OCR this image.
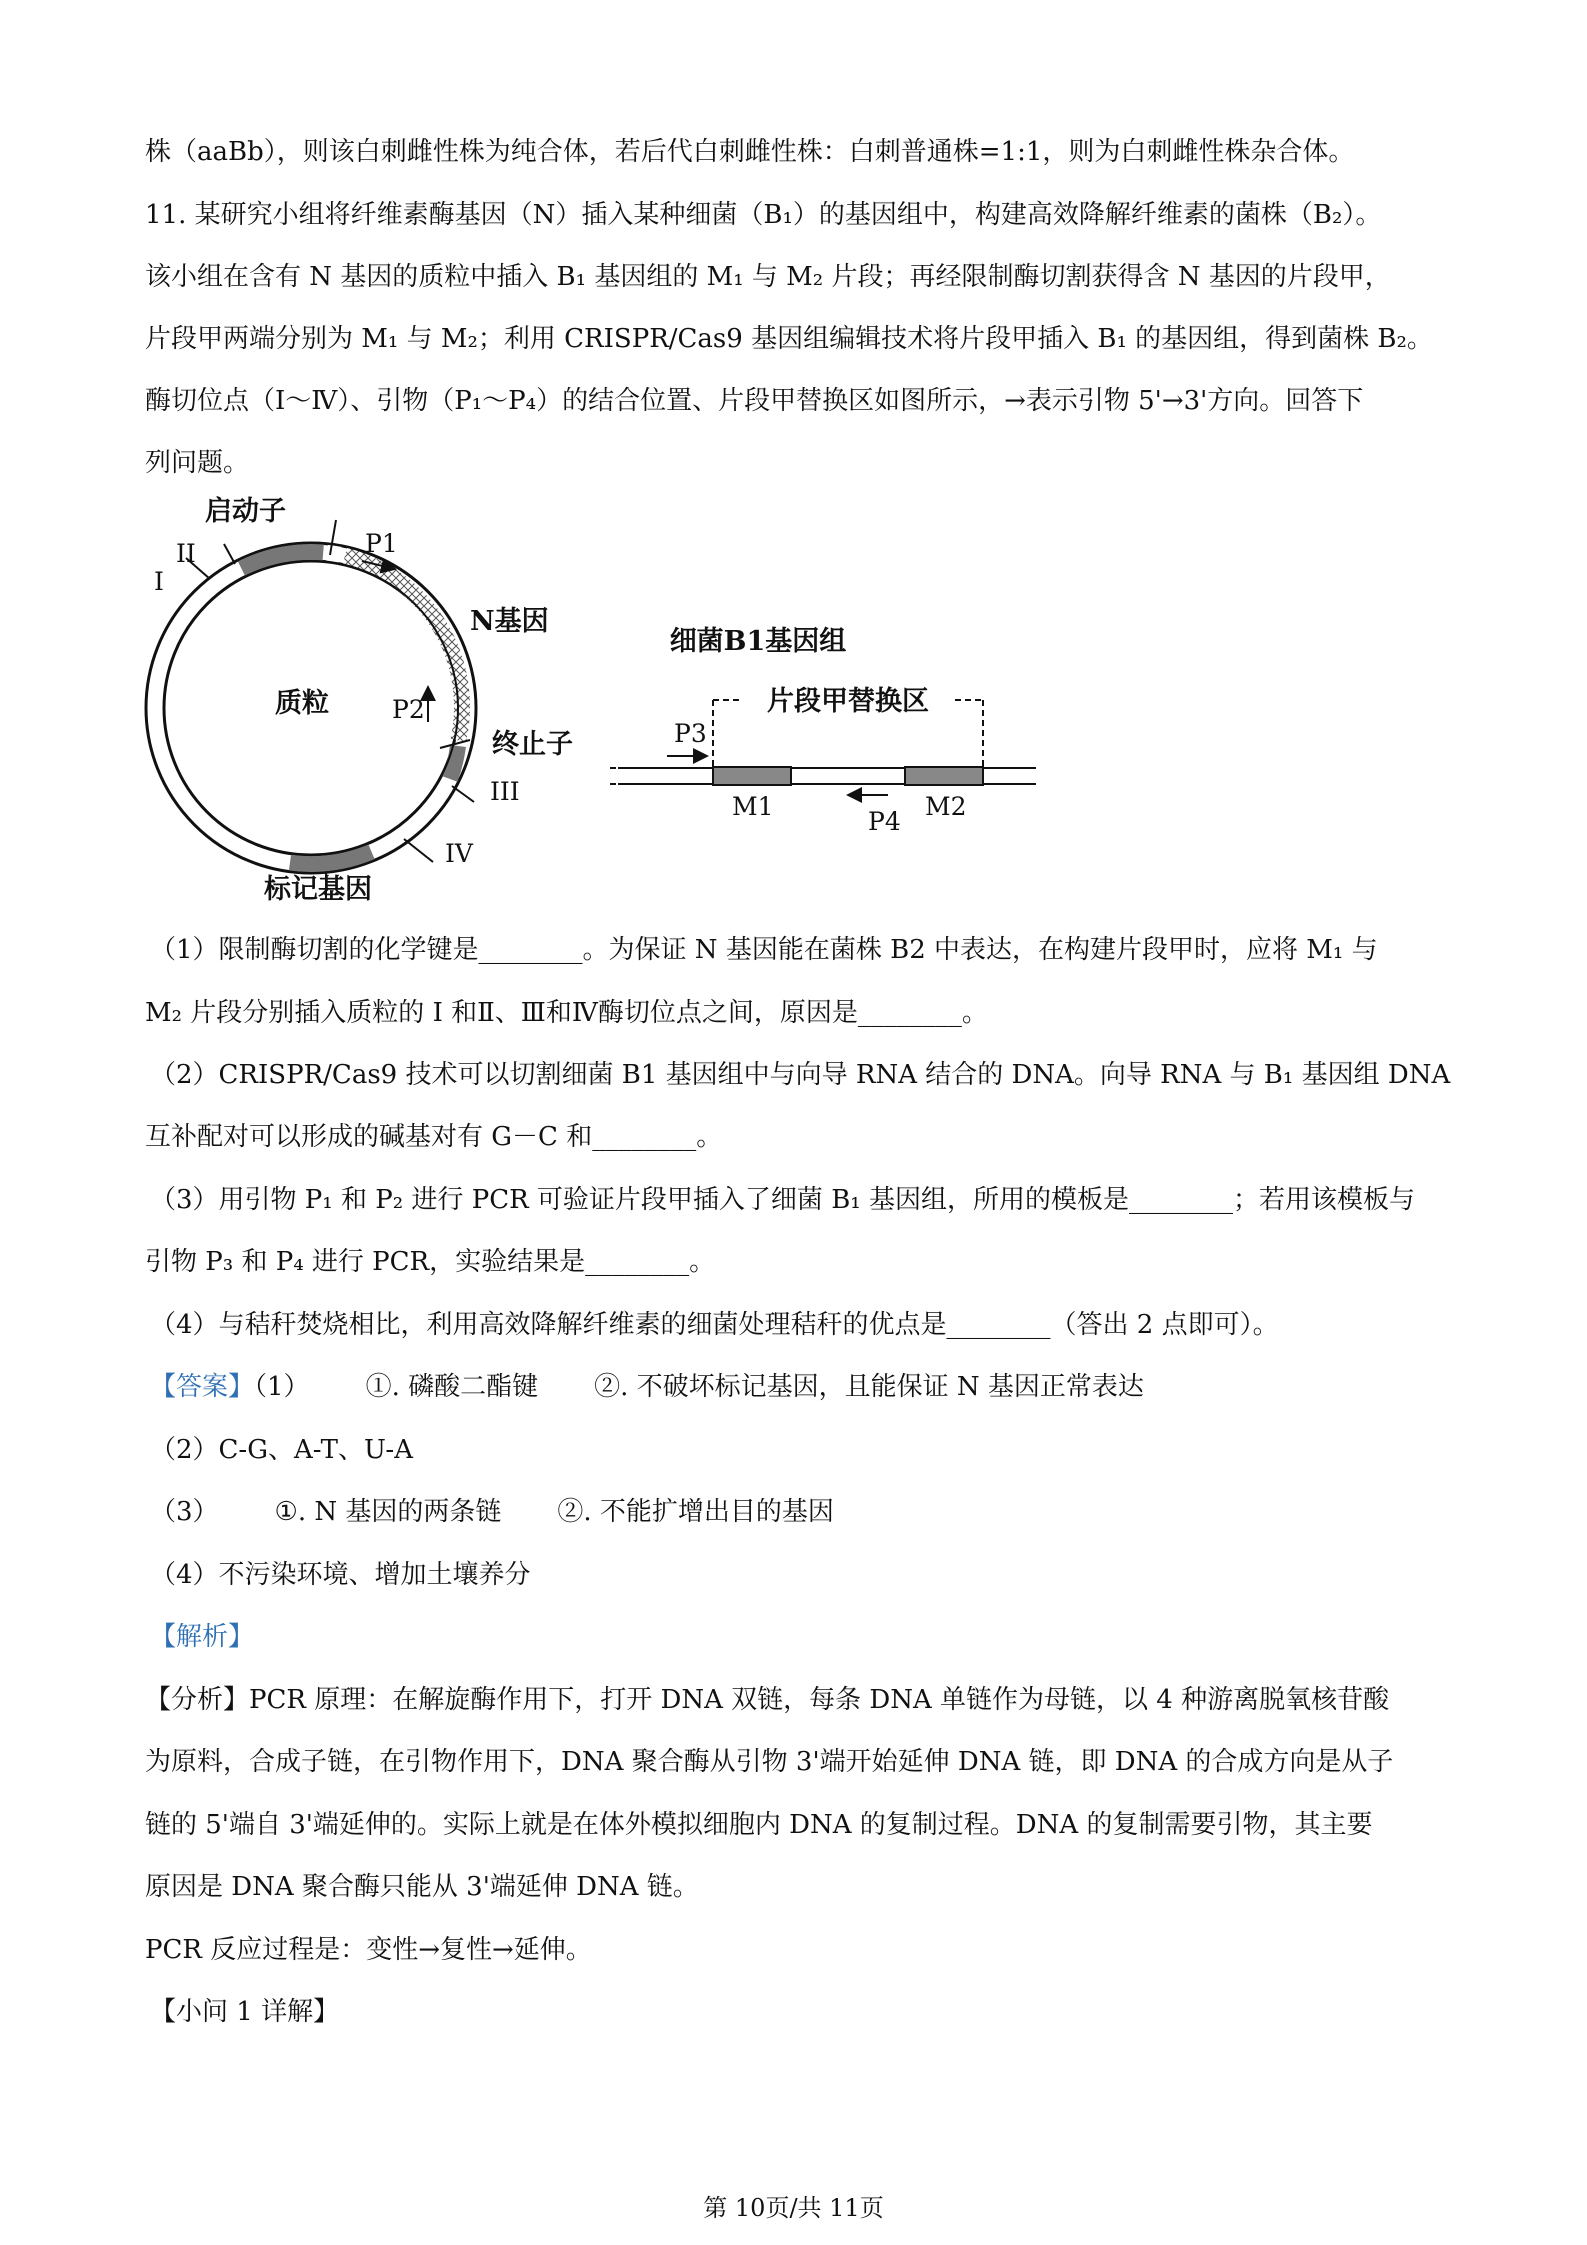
株（aaBb），则该白刺雌性株为纯合体，若后代白刺雌性株：白刺普通株=1:1，则为白刺雌性株杂合体。
11. 某研究小组将纤维素酶基因（N）插入某种细菌（B₁）的基因组中，构建高效降解纤维素的菌株（B₂）。
该小组在含有 N 基因的质粒中插入 B₁ 基因组的 M₁ 与 M₂ 片段；再经限制酶切割获得含 N 基因的片段甲，
片段甲两端分别为 M₁ 与 M₂；利用 CRISPR/Cas9 基因组编辑技术将片段甲插入 B₁ 的基因组，得到菌株 B₂。
酶切位点（Ⅰ～Ⅳ）、引物（P₁～P₄）的结合位置、片段甲替换区如图所示，→表示引物 5'→3'方向。回答下
列问题。
启动子
P1
N基因
I
II
III
IV
质粒	P2
终止子
标记基因
细菌B1基因组
片段甲替换区
P3
M1
P4
M2
（1）限制酶切割的化学键是________。为保证 N 基因能在菌株 B2 中表达，在构建片段甲时，应将 M₁ 与
M₂ 片段分别插入质粒的 I 和Ⅱ、Ⅲ和Ⅳ酶切位点之间，原因是________。
（2）CRISPR/Cas9 技术可以切割细菌 B1 基因组中与向导 RNA 结合的 DNA。向导 RNA 与 B₁ 基因组 DNA
互补配对可以形成的碱基对有 G－C 和________。
（3）用引物 P₁ 和 P₂ 进行 PCR 可验证片段甲插入了细菌 B₁ 基因组，所用的模板是________；若用该模板与
引物 P₃ 和 P₄ 进行 PCR，实验结果是________。
（4）与秸秆焚烧相比，利用高效降解纤维素的细菌处理秸秆的优点是________（答出 2 点即可）。
【答案】（1） ①. 磷酸二酯键 ②. 不破坏标记基因，且能保证 N 基因正常表达
（2）C-G、A-T、U-A
（3） ①. N 基因的两条链 ②. 不能扩增出目的基因
（4）不污染环境、增加土壤养分
【解析】
【分析】PCR 原理：在解旋酶作用下，打开 DNA 双链，每条 DNA 单链作为母链，以 4 种游离脱氧核苷酸
为原料，合成子链，在引物作用下，DNA 聚合酶从引物 3'端开始延伸 DNA 链，即 DNA 的合成方向是从子
链的 5'端自 3'端延伸的。实际上就是在体外模拟细胞内 DNA 的复制过程。DNA 的复制需要引物，其主要
原因是 DNA 聚合酶只能从 3'端延伸 DNA 链。
PCR 反应过程是：变性→复性→延伸。
【小问 1 详解】
第 10页/共 11页
